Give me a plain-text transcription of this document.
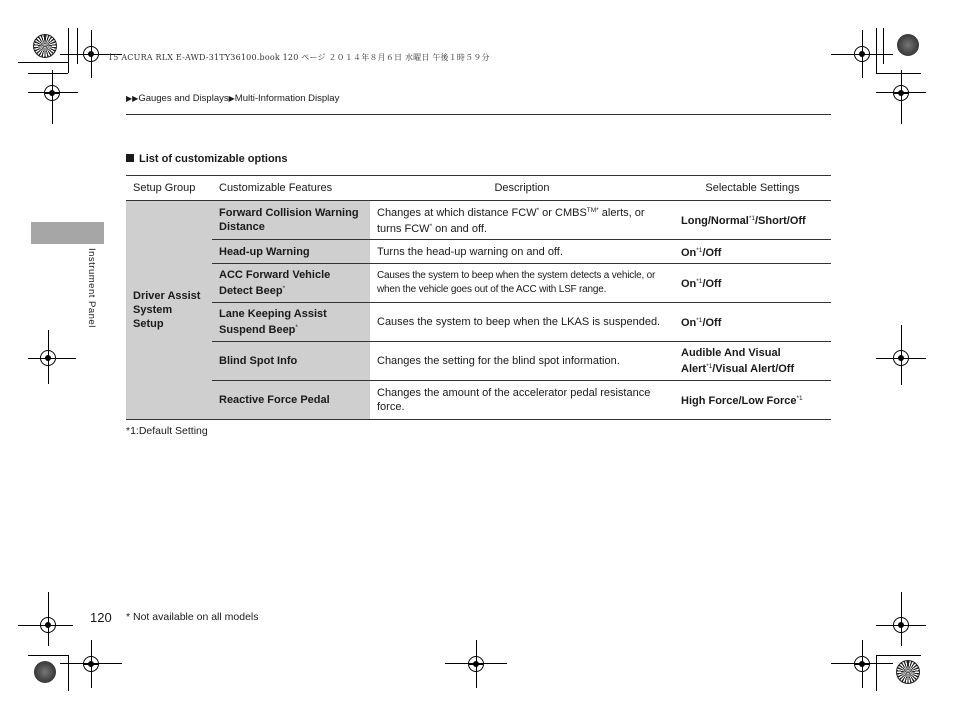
15 ACURA RLX E-AWD-31TY36100.book 120 ページ ２０１４年８月６日 水曜日 午後１時５９分
▶▶Gauges and Displays▶Multi-Information Display
Instrument Panel
List of customizable options
Setup Group	Customizable Features	Description	Selectable Settings
Driver Assist System Setup	Forward Collision Warning Distance	Changes at which distance FCW* or $CMBS^{TM*}$ alerts, or turns FCW* on and off.	Long/Normal$^{*1}$/Short/Off
	Head-up Warning	Turns the head-up warning on and off.	On$^{*1}$/Off
	ACC Forward Vehicle Detect Beep*	Causes the system to beep when the system detects a vehicle, or when the vehicle goes out of the ACC with LSF range.	On$^{*1}$/Off
	Lane Keeping Assist Suspend Beep*	Causes the system to beep when the LKAS is suspended.	On$^{*1}$/Off
	Blind Spot Info	Changes the setting for the blind spot information.	Audible And Visual Alert$^{*1}$/Visual Alert/Off
	Reactive Force Pedal	Changes the amount of the accelerator pedal resistance force.	High Force/Low Force$^{*1}$
*1:Default Setting
120 * Not available on all models
